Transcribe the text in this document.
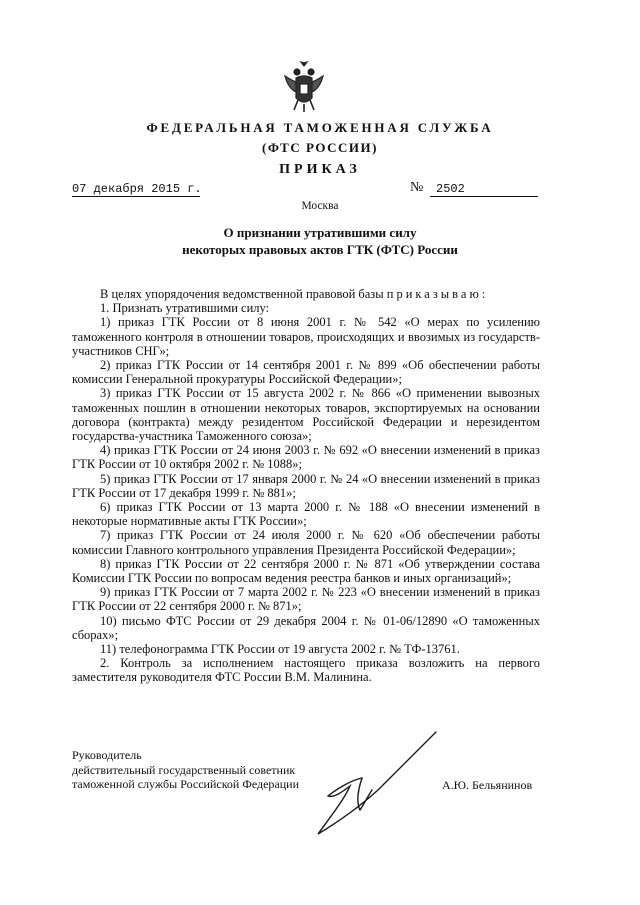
ФЕДЕРАЛЬНАЯ ТАМОЖЕННАЯ СЛУЖБА
(ФТС РОССИИ)
ПРИКАЗ
07 декабря 2015 г.	№	2502
Москва
О признании утратившими силу
некоторых правовых актов ГТК (ФТС) России

В целях упорядочения ведомственной правовой базы приказываю:

1. Признать утратившими силу:

1) приказ ГТК России от 8 июня 2001 г. № 542 «О мерах по усилению таможенного контроля в отношении товаров, происходящих и ввозимых из государств-участников СНГ»;

2) приказ ГТК России от 14 сентября 2001 г. № 899 «Об обеспечении работы комиссии Генеральной прокуратуры Российской Федерации»;

3) приказ ГТК России от 15 августа 2002 г. № 866 «О применении вывозных таможенных пошлин в отношении некоторых товаров, экспортируемых на основании договора (контракта) между резидентом Российской Федерации и нерезидентом государства-участника Таможенного союза»;

4) приказ ГТК России от 24 июня 2003 г. № 692 «О внесении изменений в приказ ГТК России от 10 октября 2002 г. № 1088»;

5) приказ ГТК России от 17 января 2000 г. № 24 «О внесении изменений в приказ ГТК России от 17 декабря 1999 г. № 881»;

6) приказ ГТК России от 13 марта 2000 г. № 188 «О внесении изменений в некоторые нормативные акты ГТК России»;

7) приказ ГТК России от 24 июля 2000 г. № 620 «Об обеспечении работы комиссии Главного контрольного управления Президента Российской Федерации»;

8) приказ ГТК России от 22 сентября 2000 г. № 871 «Об утверждении состава Комиссии ГТК России по вопросам ведения реестра банков и иных организаций»;

9) приказ ГТК России от 7 марта 2002 г. № 223 «О внесении изменений в приказ ГТК России от 22 сентября 2000 г. № 871»;

10) письмо ФТС России от 29 декабря 2004 г. № 01-06/12890 «О таможенных сборах»;

11) телефонограмма ГТК России от 19 августа 2002 г. № ТФ-13761.

2. Контроль за исполнением настоящего приказа возложить на первого заместителя руководителя ФТС России В.М. Малинина.

Руководитель
действительный государственный советник
таможенной службы Российской Федерации	А.Ю. Бельянинов
